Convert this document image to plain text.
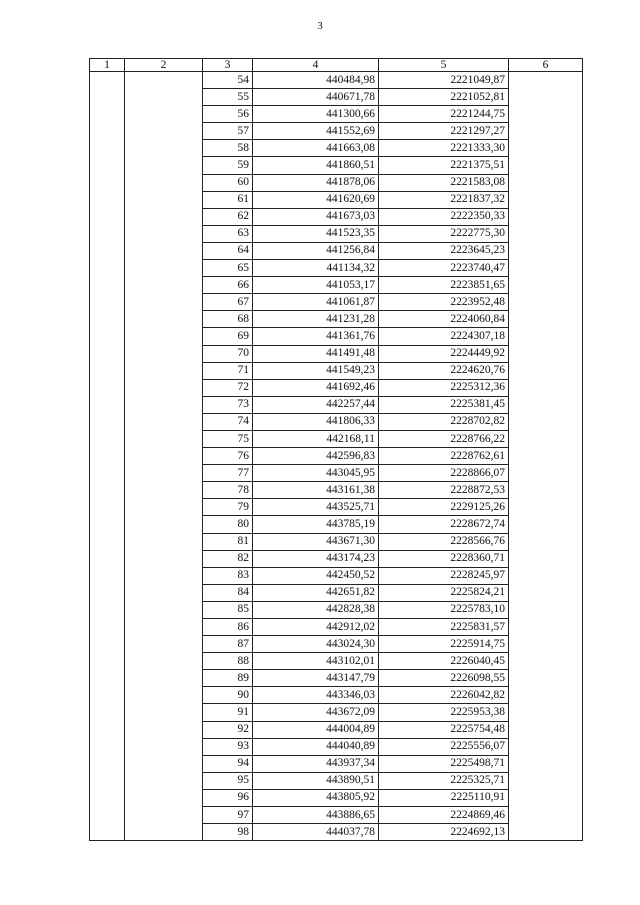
3
1	2	3	4	5	6
		54	440484,98	2221049,87	
		55	440671,78	2221052,81	
		56	441300,66	2221244,75	
		57	441552,69	2221297,27	
		58	441663,08	2221333,30	
		59	441860,51	2221375,51	
		60	441878,06	2221583,08	
		61	441620,69	2221837,32	
		62	441673,03	2222350,33	
		63	441523,35	2222775,30	
		64	441256,84	2223645,23	
		65	441134,32	2223740,47	
		66	441053,17	2223851,65	
		67	441061,87	2223952,48	
		68	441231,28	2224060,84	
		69	441361,76	2224307,18	
		70	441491,48	2224449,92	
		71	441549,23	2224620,76	
		72	441692,46	2225312,36	
		73	442257,44	2225381,45	
		74	441806,33	2228702,82	
		75	442168,11	2228766,22	
		76	442596,83	2228762,61	
		77	443045,95	2228866,07	
		78	443161,38	2228872,53	
		79	443525,71	2229125,26	
		80	443785,19	2228672,74	
		81	443671,30	2228566,76	
		82	443174,23	2228360,71	
		83	442450,52	2228245,97	
		84	442651,82	2225824,21	
		85	442828,38	2225783,10	
		86	442912,02	2225831,57	
		87	443024,30	2225914,75	
		88	443102,01	2226040,45	
		89	443147,79	2226098,55	
		90	443346,03	2226042,82	
		91	443672,09	2225953,38	
		92	444004,89	2225754,48	
		93	444040,89	2225556,07	
		94	443937,34	2225498,71	
		95	443890,51	2225325,71	
		96	443805,92	2225110,91	
		97	443886,65	2224869,46	
		98	444037,78	2224692,13	
